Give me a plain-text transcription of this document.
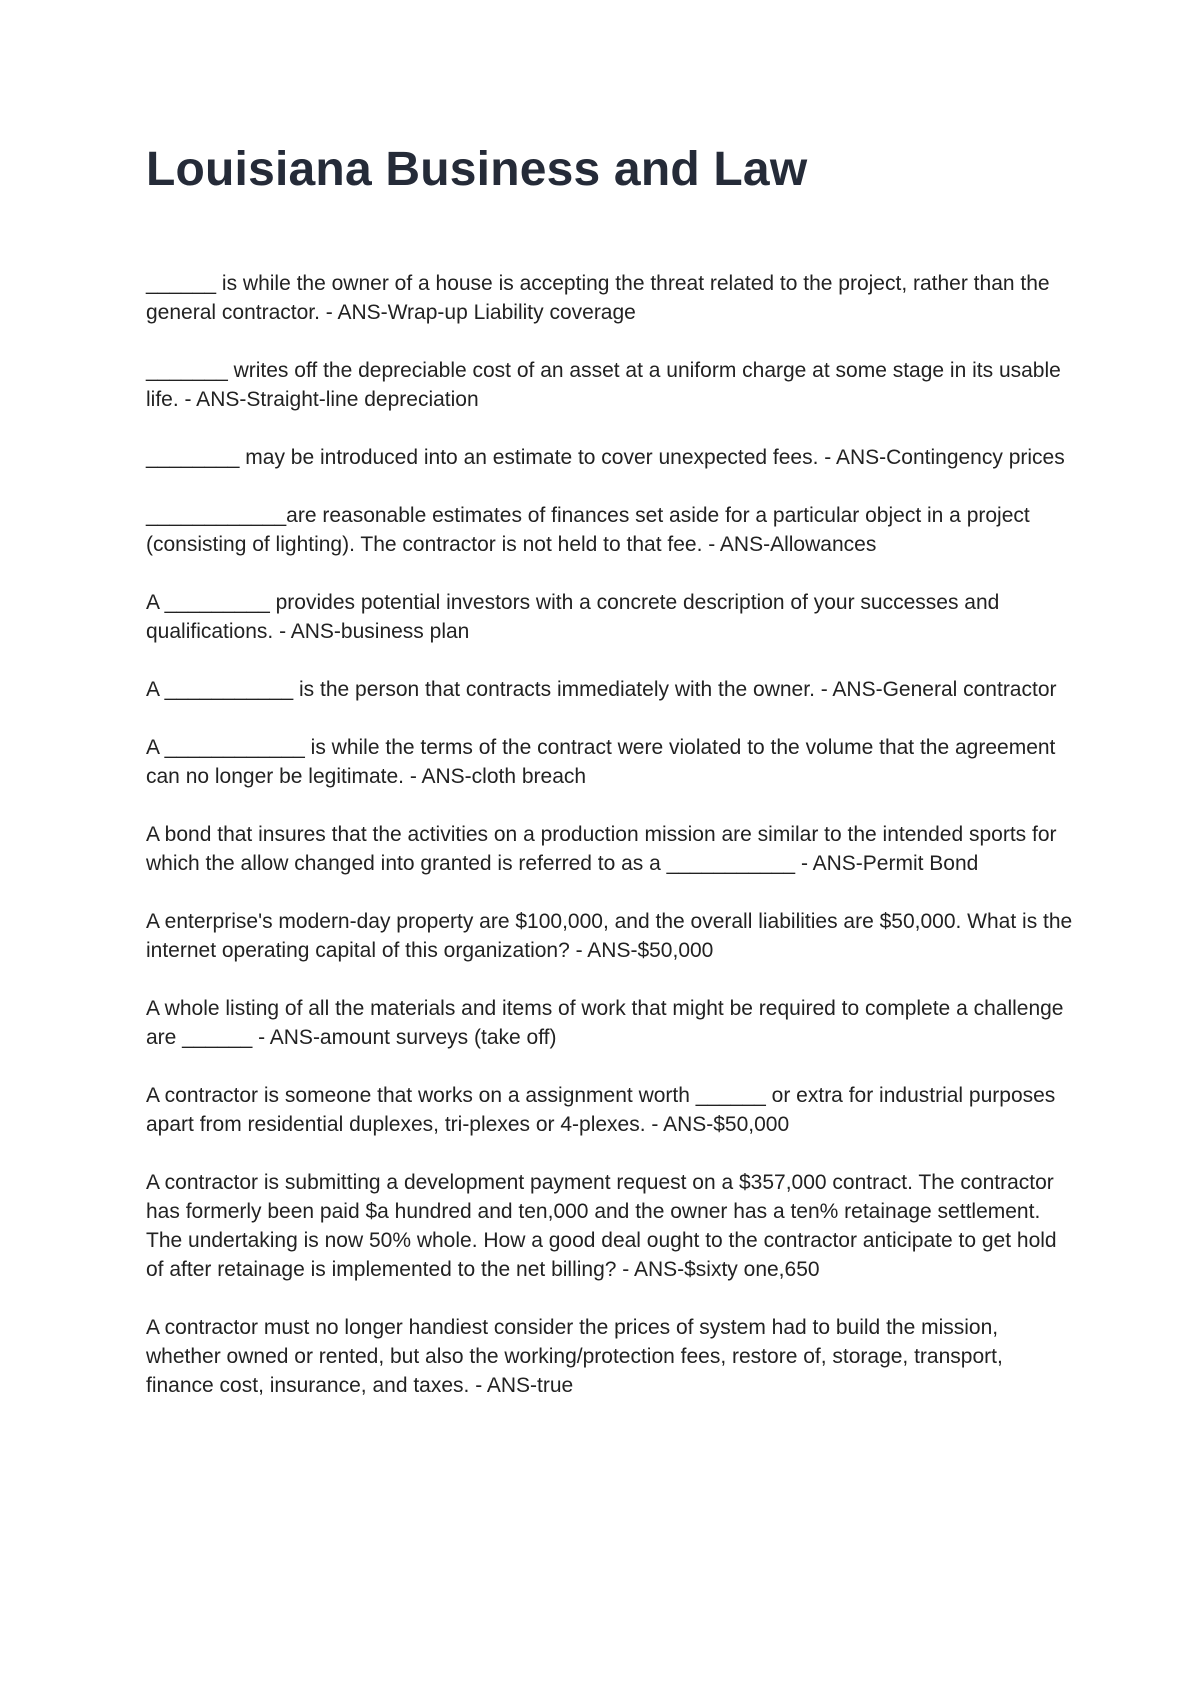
Louisiana Business and Law

______ is while the owner of a house is accepting the threat related to the project, rather than the general contractor. - ANS-Wrap-up Liability coverage

_______ writes off the depreciable cost of an asset at a uniform charge at some stage in its usable life. - ANS-Straight-line depreciation

________ may be introduced into an estimate to cover unexpected fees. - ANS-Contingency prices

____________are reasonable estimates of finances set aside for a particular object in a project (consisting of lighting). The contractor is not held to that fee. - ANS-Allowances

A _________ provides potential investors with a concrete description of your successes and qualifications. - ANS-business plan

A ___________ is the person that contracts immediately with the owner. - ANS-General contractor

A ____________ is while the terms of the contract were violated to the volume that the agreement can no longer be legitimate. - ANS-cloth breach

A bond that insures that the activities on a production mission are similar to the intended sports for which the allow changed into granted is referred to as a ___________ - ANS-Permit Bond

A enterprise's modern-day property are $100,000, and the overall liabilities are $50,000. What is the internet operating capital of this organization? - ANS-$50,000

A whole listing of all the materials and items of work that might be required to complete a challenge are ______ - ANS-amount surveys (take off)

A contractor is someone that works on a assignment worth ______ or extra for industrial purposes apart from residential duplexes, tri-plexes or 4-plexes. - ANS-$50,000

A contractor is submitting a development payment request on a $357,000 contract. The contractor has formerly been paid $a hundred and ten,000 and the owner has a ten% retainage settlement. The undertaking is now 50% whole. How a good deal ought to the contractor anticipate to get hold of after retainage is implemented to the net billing? - ANS-$sixty one,650

A contractor must no longer handiest consider the prices of system had to build the mission, whether owned or rented, but also the working/protection fees, restore of, storage, transport, finance cost, insurance, and taxes. - ANS-true
